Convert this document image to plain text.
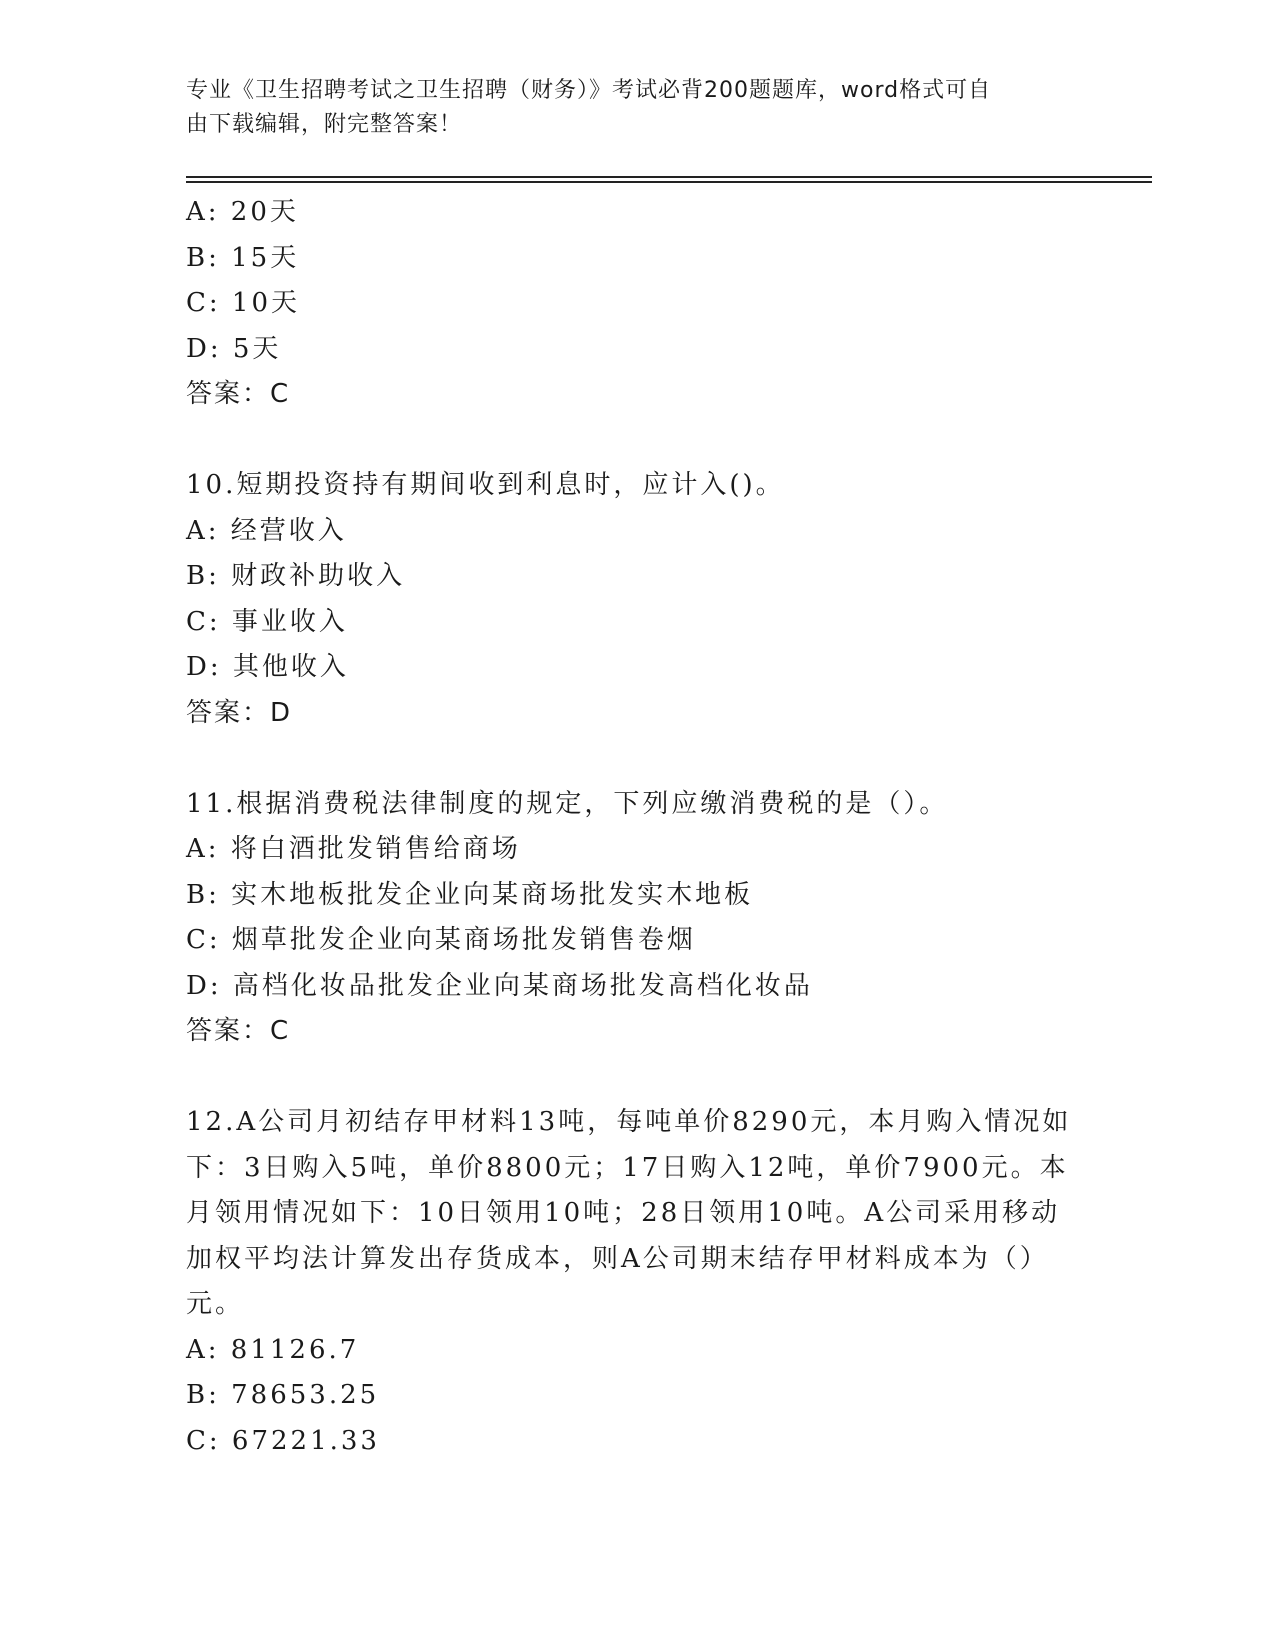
专业《卫生招聘考试之卫生招聘（财务）》考试必背200题题库，word格式可自
由下载编辑，附完整答案！
A: 20天
B: 15天
C: 10天
D: 5天
答案：C
10.短期投资持有期间收到利息时，应计入()。
A: 经营收入
B: 财政补助收入
C: 事业收入
D: 其他收入
答案：D
11.根据消费税法律制度的规定，下列应缴消费税的是（）。
A: 将白酒批发销售给商场
B: 实木地板批发企业向某商场批发实木地板
C: 烟草批发企业向某商场批发销售卷烟
D: 高档化妆品批发企业向某商场批发高档化妆品
答案：C
12.A公司月初结存甲材料13吨，每吨单价8290元，本月购入情况如
下：3日购入5吨，单价8800元；17日购入12吨，单价7900元。本
月领用情况如下：10日领用10吨；28日领用10吨。A公司采用移动
加权平均法计算发出存货成本，则A公司期末结存甲材料成本为（）
元。
A: 81126.7
B: 78653.25
C: 67221.33
